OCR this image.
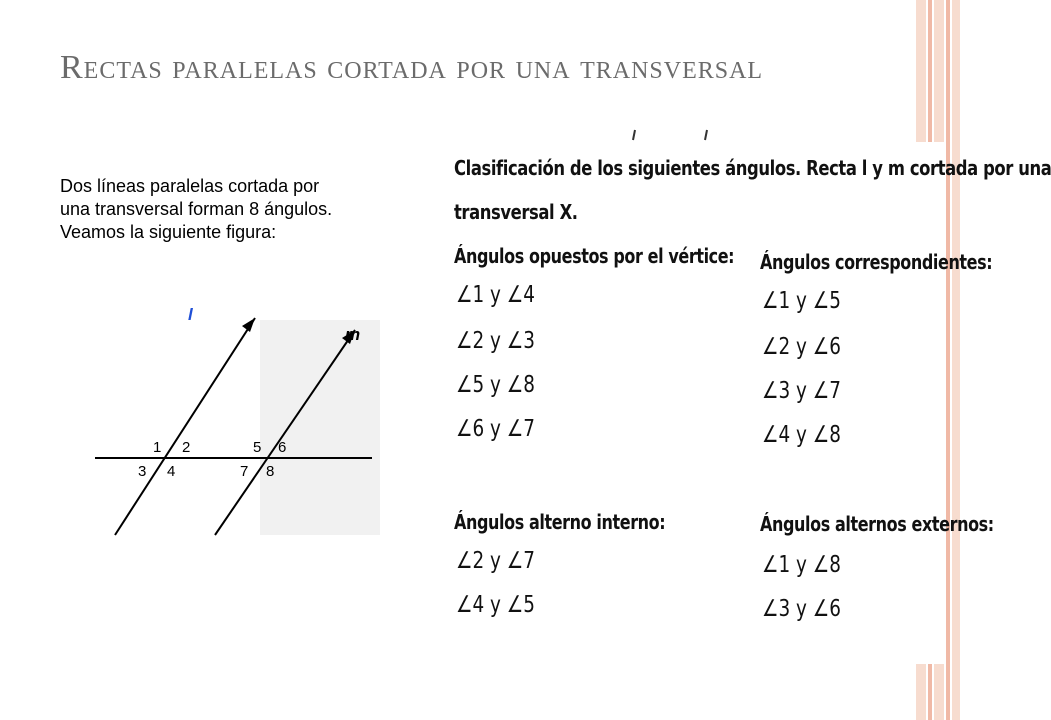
Rectas paralelas cortada por una transversal
Dos líneas paralelas cortada por
una transversal forman 8 ángulos.
Veamos la siguiente figura:
l
m
1 2
3 4
5 6
7 8
Clasificación de los siguientes ángulos. Recta l y m cortada por una
transversal X.
Ángulos opuestos por el vértice:
∠1 y ∠4
∠2 y ∠3
∠5 y ∠8
∠6 y ∠7
Ángulos correspondientes:
∠1 y ∠5
∠2 y ∠6
∠3 y ∠7
∠4 y ∠8
Ángulos alterno interno:
∠2 y ∠7
∠4 y ∠5
Ángulos alternos externos:
∠1 y ∠8
∠3 y ∠6
